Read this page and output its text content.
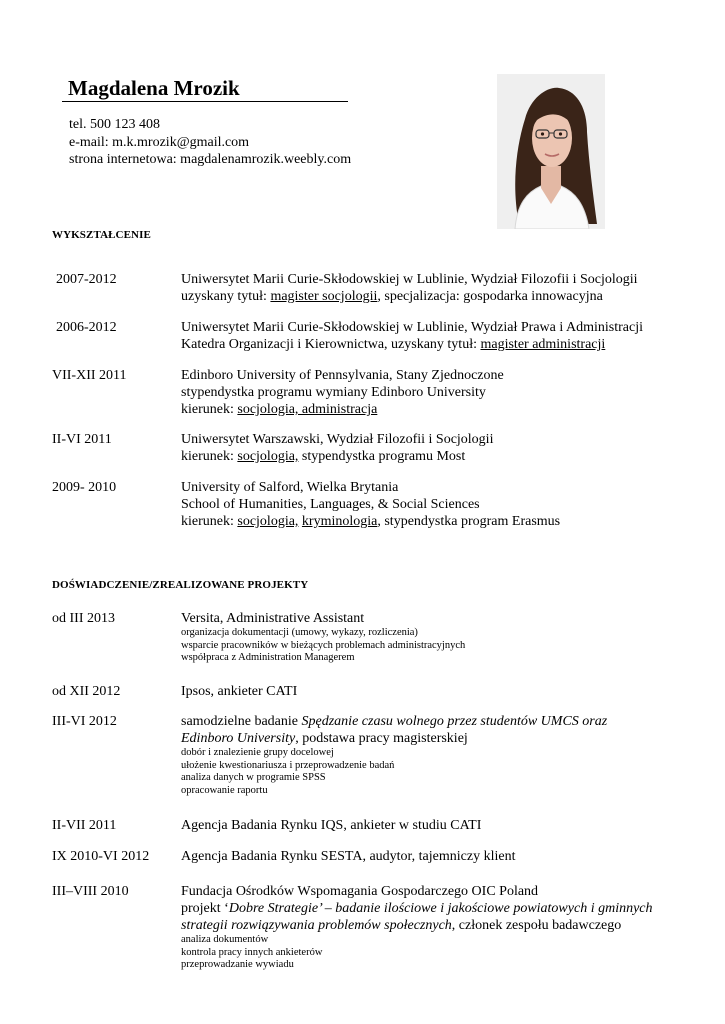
Magdalena Mrozik
tel. 500 123 408
e-mail: m.k.mrozik@gmail.com
strona internetowa: magdalenamrozik.weebly.com
WYKSZTAŁCENIE
2007-2012	Uniwersytet Marii Curie-Skłodowskiej w Lublinie, Wydział Filozofii i Socjologii
uzyskany tytuł: magister socjologii, specjalizacja: gospodarka innowacyjna
2006-2012	Uniwersytet Marii Curie-Skłodowskiej w Lublinie, Wydział Prawa i Administracji
Katedra Organizacji i Kierownictwa, uzyskany tytuł: magister administracji
VII-XII 2011	Edinboro University of Pennsylvania, Stany Zjednoczone
stypendystka programu wymiany Edinboro University
kierunek: socjologia, administracja
II-VI 2011	Uniwersytet Warszawski, Wydział Filozofii i Socjologii
kierunek: socjologia, stypendystka programu Most
2009- 2010	University of Salford, Wielka Brytania
School of Humanities, Languages, & Social Sciences
kierunek: socjologia, kryminologia, stypendystka program Erasmus
DOŚWIADCZENIE/ZREALIZOWANE PROJEKTY
od III 2013	Versita, Administrative Assistant
organizacja dokumentacji (umowy, wykazy, rozliczenia)
wsparcie pracowników w bieżących problemach administracyjnych
współpraca z Administration Managerem
od XII 2012	Ipsos, ankieter CATI
III-VI 2012	samodzielne badanie Spędzanie czasu wolnego przez studentów UMCS oraz
Edinboro University, podstawa pracy magisterskiej
dobór i znalezienie grupy docelowej
ułożenie kwestionariusza i przeprowadzenie badań
analiza danych w programie SPSS
opracowanie raportu
II-VII 2011	Agencja Badania Rynku IQS, ankieter w studiu CATI
IX 2010-VI 2012 Agencja Badania Rynku SESTA, audytor, tajemniczy klient
III–VIII 2010	Fundacja Ośrodków Wspomagania Gospodarczego OIC Poland
projekt ‘Dobre Strategie’ – badanie ilościowe i jakościowe powiatowych i gminnych
strategii rozwiązywania problemów społecznych, członek zespołu badawczego
analiza dokumentów
kontrola pracy innych ankieterów
przeprowadzanie wywiadu
